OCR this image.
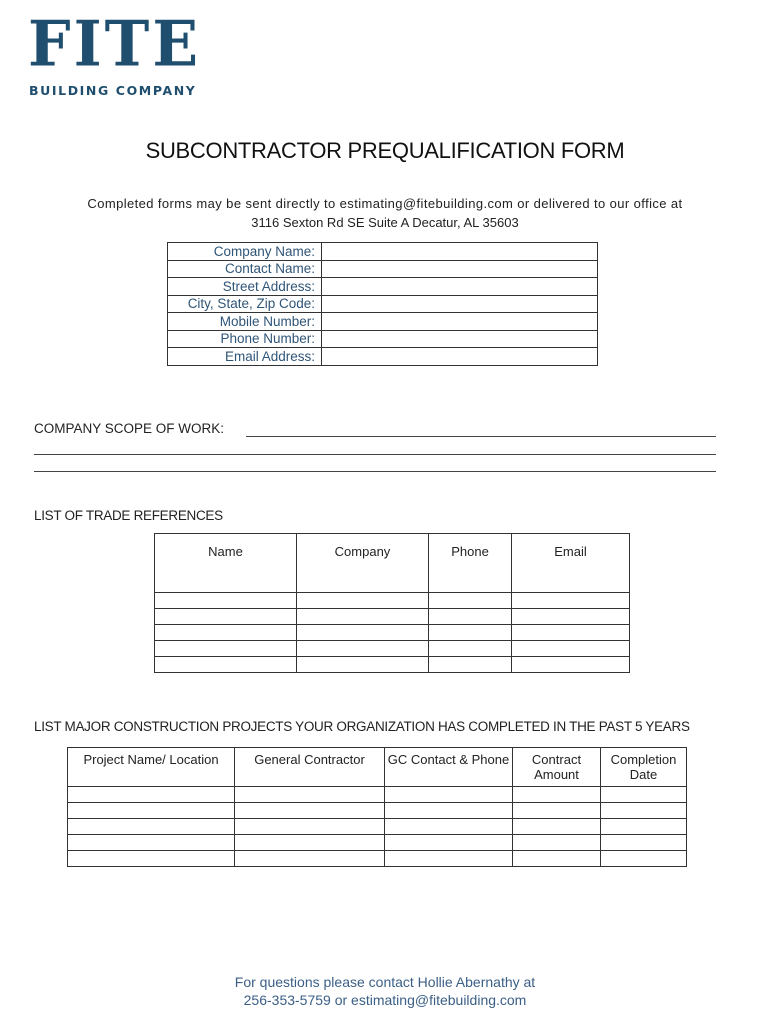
FITE
BUILDING COMPANY
SUBCONTRACTOR PREQUALIFICATION FORM
Completed forms may be sent directly to estimating@fitebuilding.com or delivered to our office at
3116 Sexton Rd SE Suite A Decatur, AL 35603
Company Name:	
Contact Name:	
Street Address:	
City, State, Zip Code:	
Mobile Number:	
Phone Number:	
Email Address:	
COMPANY SCOPE OF WORK:
LIST OF TRADE REFERENCES
Name	Company	Phone	Email

LIST MAJOR CONSTRUCTION PROJECTS YOUR ORGANIZATION HAS COMPLETED IN THE PAST 5 YEARS
Project Name/ Location	General Contractor	GC Contact & Phone	Contract Amount	Completion Date

For questions please contact Hollie Abernathy at
256-353-5759 or estimating@fitebuilding.com
